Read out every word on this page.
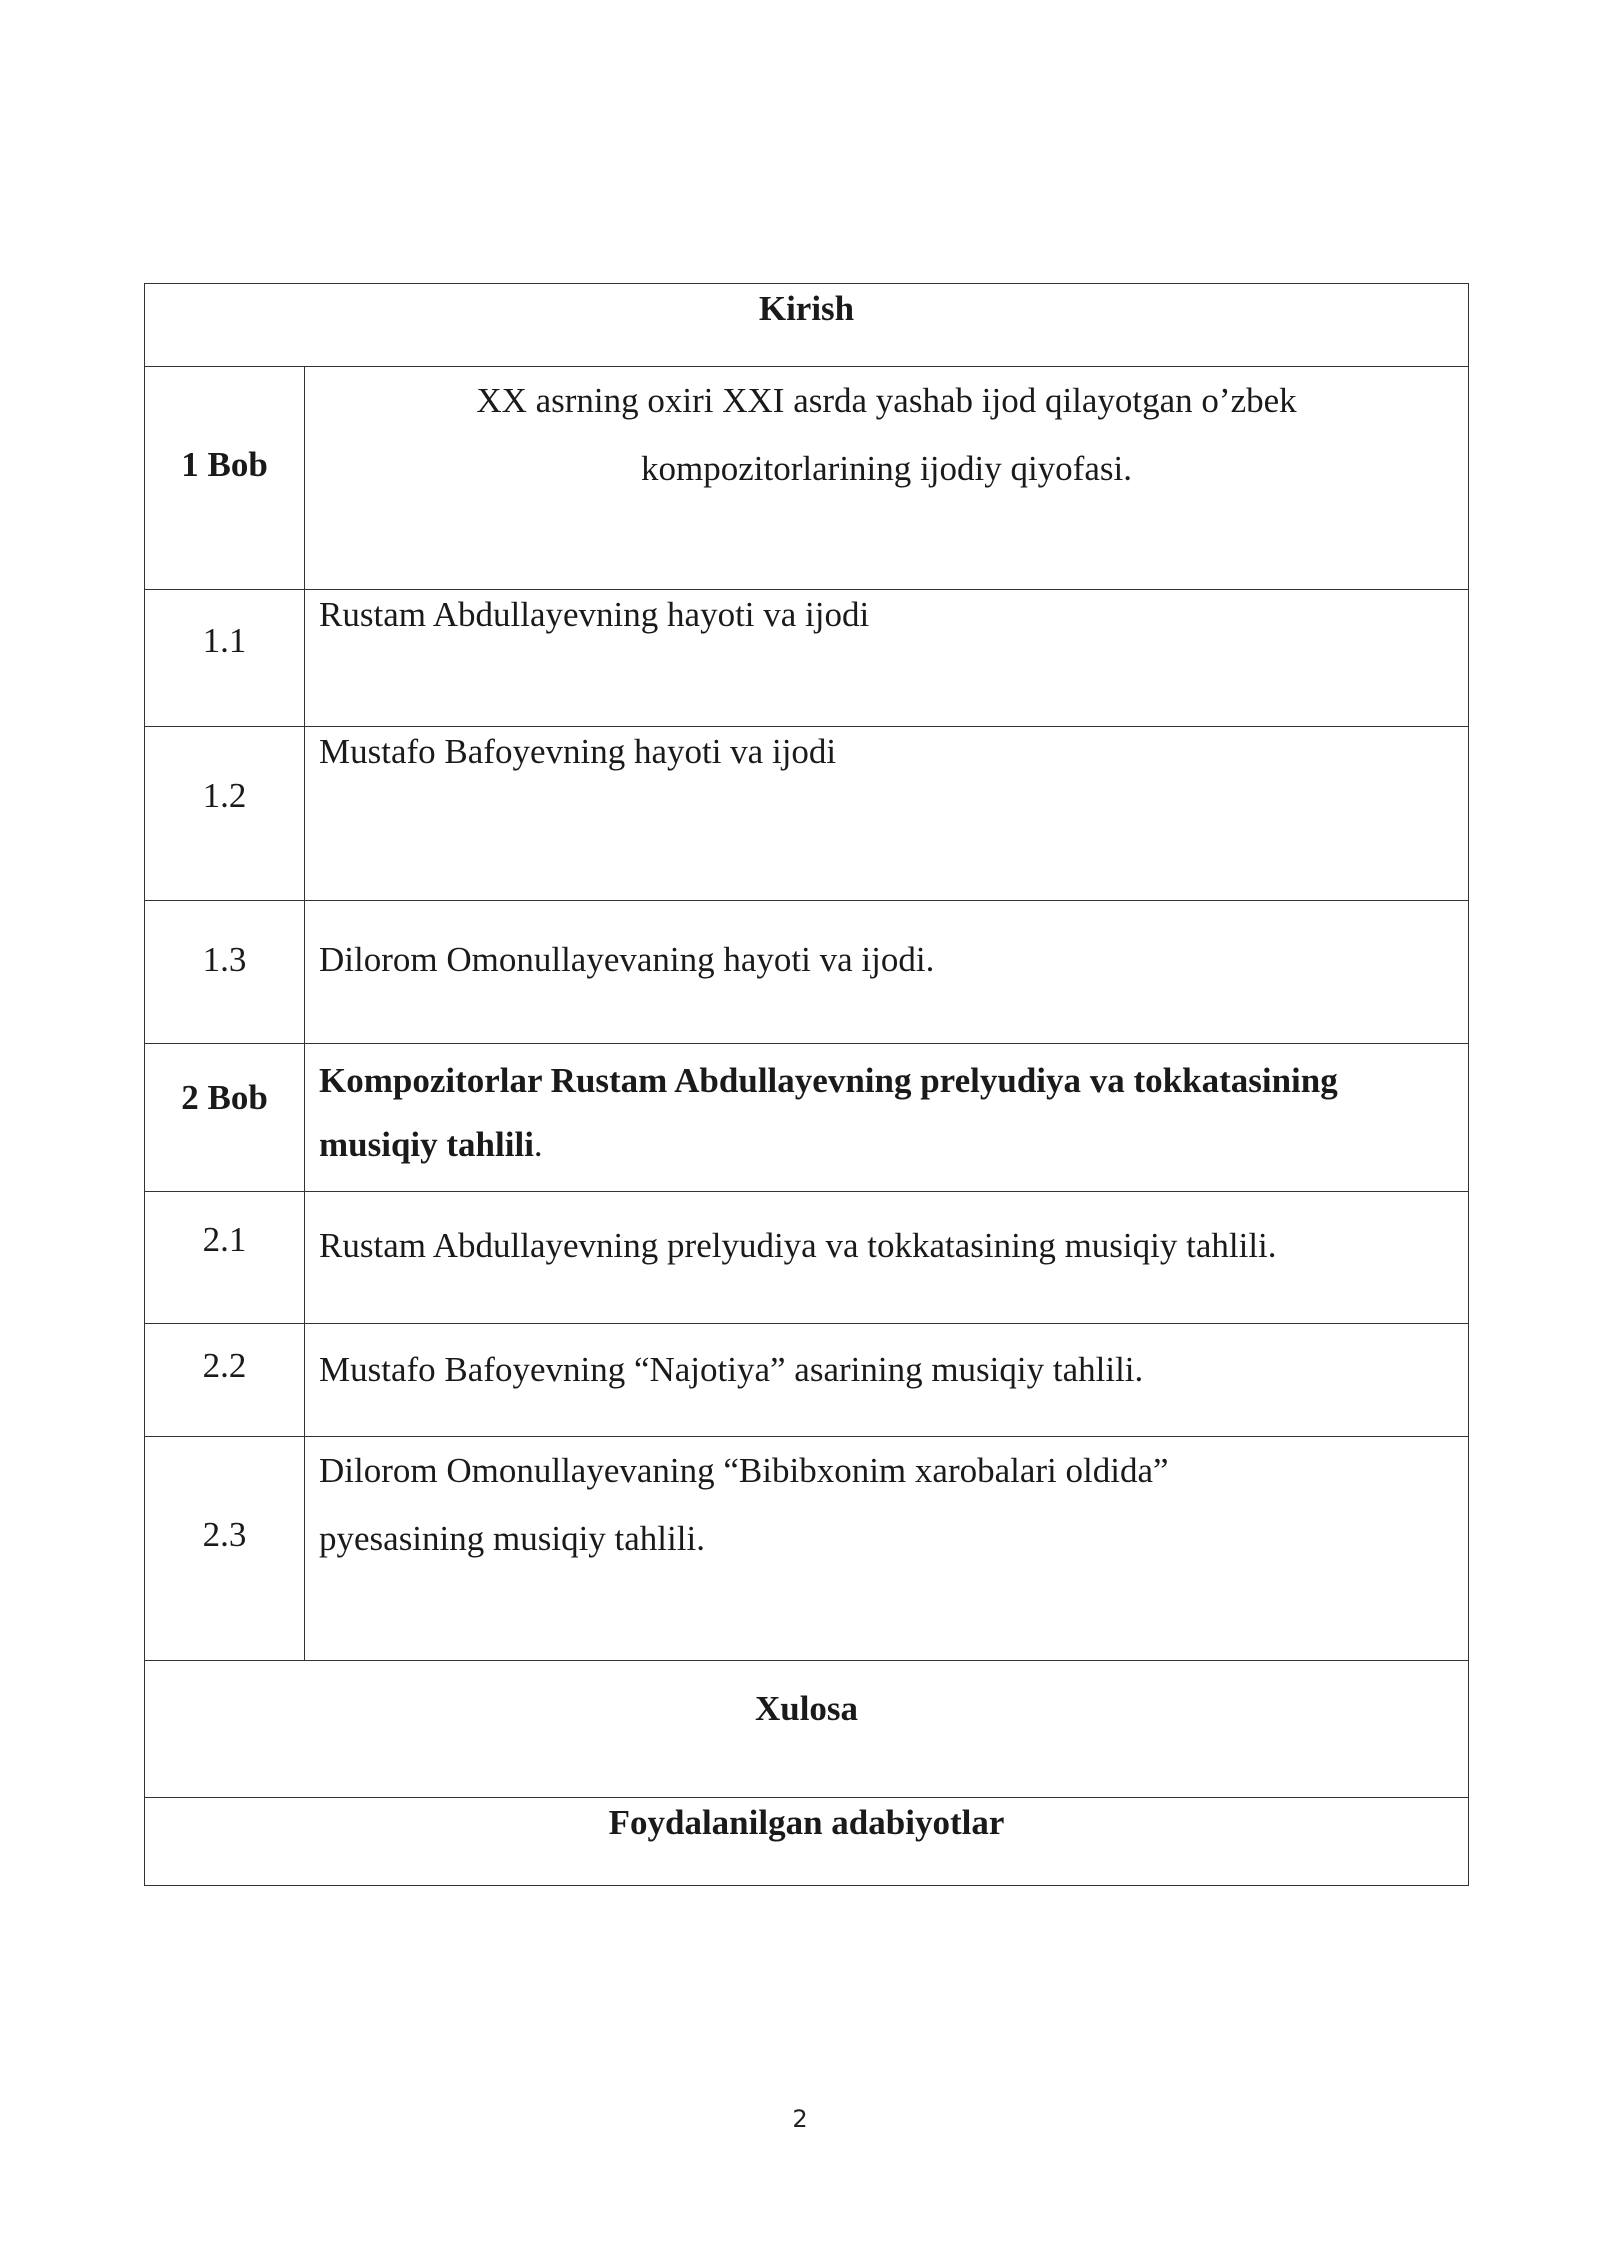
Kirish	
1 Bob	XX asrning oxiri XXI asrda yashab ijod qilayotgan o’zbek kompozitorlarining ijodiy qiyofasi.
1.1	Rustam Abdullayevning hayoti va ijodi
1.2	Mustafo Bafoyevning hayoti va ijodi
1.3	Dilorom Omonullayevaning hayoti va ijodi.
2 Bob	Kompozitorlar Rustam Abdullayevning prelyudiya va tokkatasining musiqiy tahlili.
2.1	Rustam Abdullayevning prelyudiya va tokkatasining musiqiy tahlili.
2.2	Mustafo Bafoyevning “Najotiya” asarining musiqiy tahlili.
2.3	Dilorom Omonullayevaning “Bibibxonim xarobalari oldida” pyesasining musiqiy tahlili.
Xulosa	
Foydalanilgan adabiyotlar	
2
